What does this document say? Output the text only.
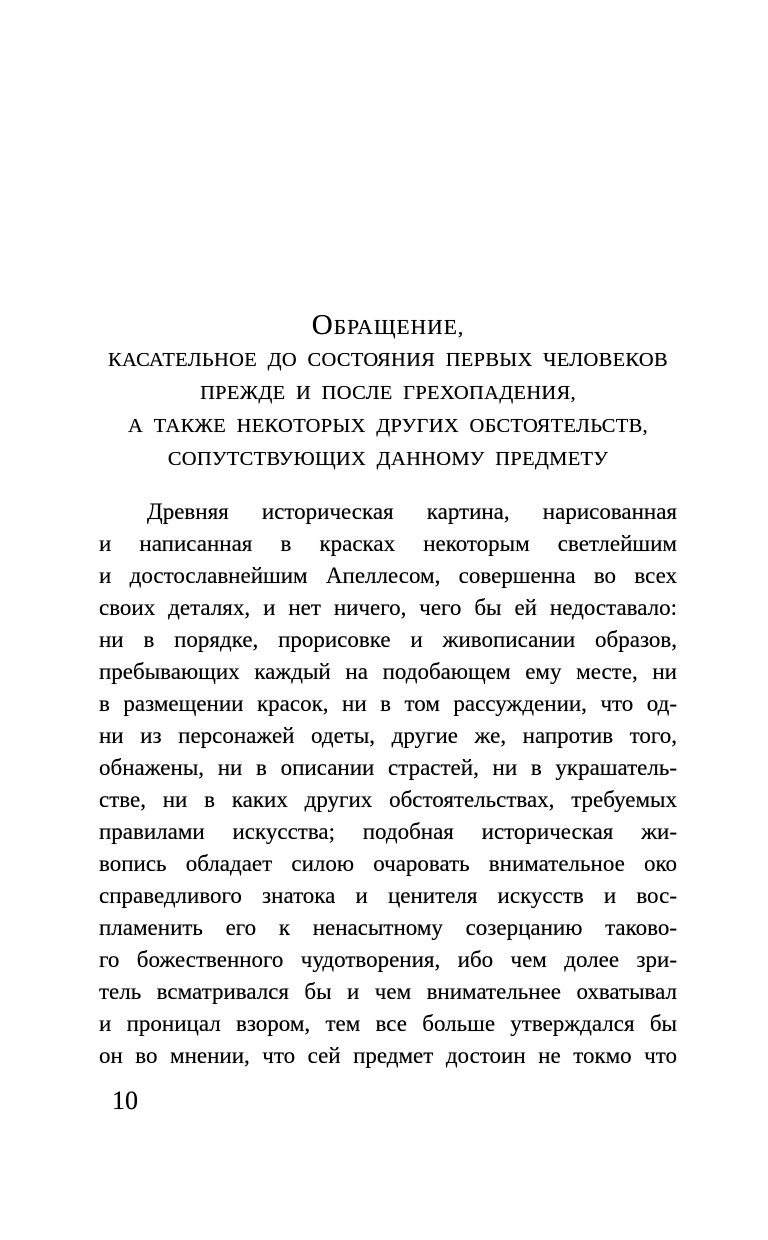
ОБРАЩЕНИЕ,
КАСАТЕЛЬНОЕ ДО СОСТОЯНИЯ ПЕРВЫХ ЧЕЛОВЕКОВ
ПРЕЖДЕ И ПОСЛЕ ГРЕХОПАДЕНИЯ,
А ТАКЖЕ НЕКОТОРЫХ ДРУГИХ ОБСТОЯТЕЛЬСТВ,
СОПУТСТВУЮЩИХ ДАННОМУ ПРЕДМЕТУ
Древняя историческая картина, нарисованная
и написанная в красках некоторым светлейшим
и достославнейшим Апеллесом, совершенна во всех
своих деталях, и нет ничего, чего бы ей недоставало:
ни в порядке, прорисовке и живописании образов,
пребывающих каждый на подобающем ему месте, ни
в размещении красок, ни в том рассуждении, что од-
ни из персонажей одеты, другие же, напротив того,
обнажены, ни в описании страстей, ни в украшатель-
стве, ни в каких других обстоятельствах, требуемых
правилами искусства; подобная историческая жи-
вопись обладает силою очаровать внимательное око
справедливого знатока и ценителя искусств и вос-
пламенить его к ненасытному созерцанию таково-
го божественного чудотворения, ибо чем долее зри-
тель всматривался бы и чем внимательнее охватывал
и проницал взором, тем все больше утверждался бы
он во мнении, что сей предмет достоин не токмо что
10
